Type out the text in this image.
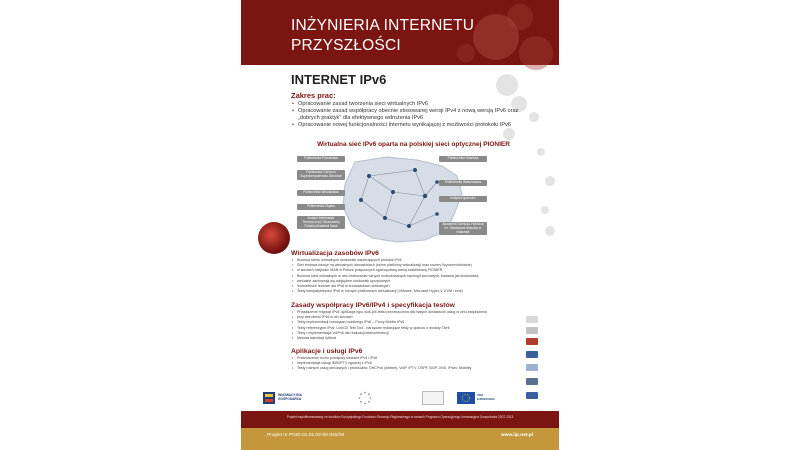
INŻYNIERIA INTERNETU
PRZYSZŁOŚCI
INTERNET IPv6
Zakres prac:
• Opracowanie zasad tworzenia sieci wirtualnych IPv6
• Opracowanie zasad współpracy obecnie stosowanej wersji IPv4 z nową wersją IPv6 oraz „dobrych praktyk" dla efektywnego wdrożenia IPv6
• Opracowanie nowej funkcjonalności Internetu wynikającej z możliwości protokołu IPv6
Wirtualna sieć IPv6 oparta na polskiej sieci optycznej PIONIER
Politechnika Poznańska
Państwowe Centrum Superkomputerowo-Sieciowe
Politechnika Wrocławska
Politechnika Śląska
Instytut Informatyki Teoretycznej i Stosowanej Polskiej Akademii Nauk
Politechnika Gdańska
Politechnika Warszawska
Instytut Łączności
Akademia Górniczo-Hutnicza im. Stanisława Staszica w Krakowie
Wirtualizacja zasobów IPv6
• Budowa sieciu wirtualnych środowisk wspierających protokół IPv6
• Sieć testowa bazuje na wirtualnych laboratoriach (różne platformy wirtualizacji oraz routery fizyczne/wirtualne)
• w sieciach miejskich MAN w Polsce połączonych ogólnopolską siecią szkieletową PIONIER
• Budowa sieci wirtualnych w celu testowania różnych rozbudowanych topologii sieciowych, badania jak środowiska
• wirtualne zachowują się względem środowisk sprzętowych
• Scenariusze testowe dla IPv6 w środowiskach wirtualnych
• Testy kompatybilności IPv6 w różnych platformach wirtualizacji (VMware, Microsoft Hyper-V, KVM i inne)
Zasady współpracy IPv6/IPv4 i specyfikacja testów
• Prowadzenie migracji IPv6: aplikacja typu look-pix-testu przeznaczona dla małych dostawców usług w celu zwiększenia
• przy wdrożeniu IPv6 w ich sieciach
• Testy implementacji rozwiązań mobilnego IPv6 – Proxy Mobile IPv6
• Testy referencyjne IPv6: LiveCD Test Tool - narzędzie realizujące testy w oparciu o moduły TAHI
• Testy i implementacja VoIPv6 dla realizacji telekonferencji
• Metoda translacji ip6tnat
Aplikacje i usługi IPv6
• Przenoszenie ruchu pomiędzy sieciami IPv4 i IPv6
• Implementacja usługi IMS/IPTV zgodnej z IPv6
• Testy różnych usług sieciowych i protokołów: DHCPv6 (dibbler), VoIP, IPTV, OSPF, BGP, DNS, IPsec, Mobility
INNOWACYJNA
GOSPODARKA
UNIA EUROPEJSKA
Projekt współfinansowany ze środków Europejskiego Funduszu Rozwoju Regionalnego w ramach Programu Operacyjnego Innowacyjna Gospodarka 2007-2013
Projekt nr POIG.01.01.02-00-045/09	www.iip.net.pl
